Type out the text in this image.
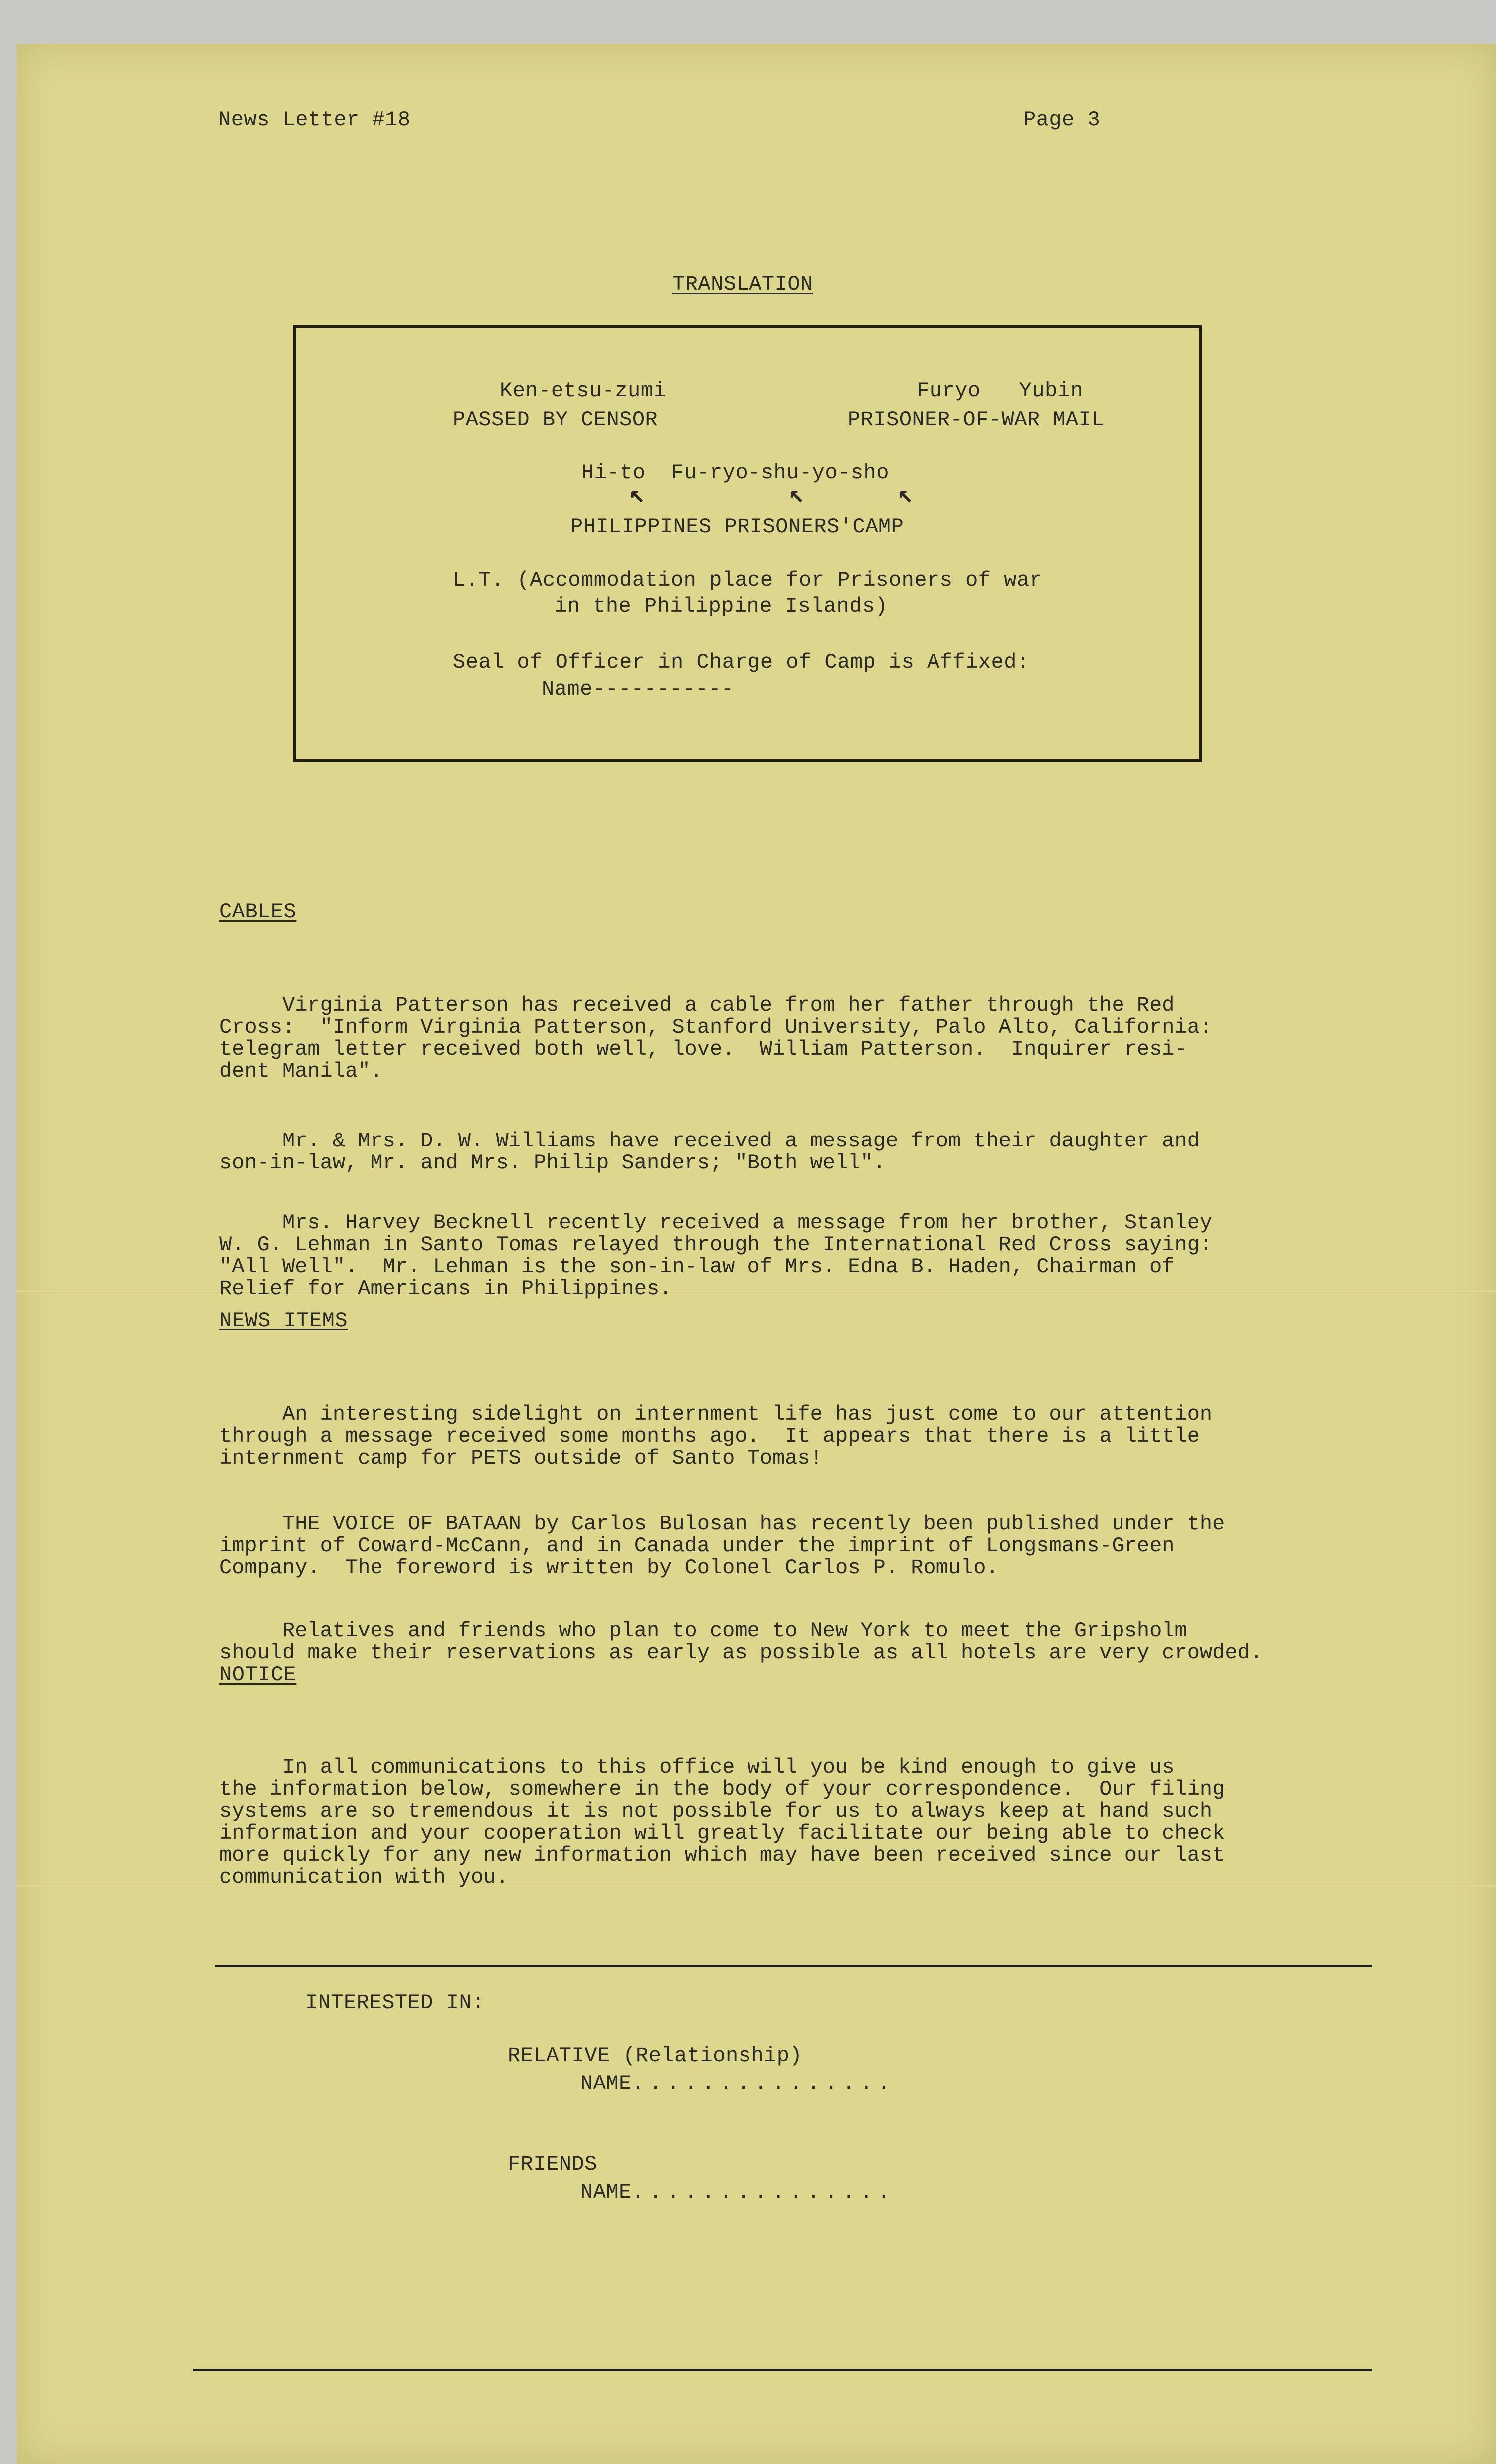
News Letter #18	Page 3
TRANSLATION
Ken-etsu-zumi
PASSED BY CENSOR
Furyo   Yubin
PRISONER-OF-WAR MAIL
Hi-to  Fu-ryo-shu-yo-sho
↖	↖	↖
PHILIPPINES PRISONERS'CAMP
L.T. (Accommodation place for Prisoners of war
in the Philippine Islands)
Seal of Officer in Charge of Camp is Affixed:
Name-----------
CABLES

Virginia Patterson has received a cable from her father through the Red
Cross:  "Inform Virginia Patterson, Stanford University, Palo Alto, California:
telegram letter received both well, love.  William Patterson.  Inquirer resi-
dent Manila".

Mr. & Mrs. D. W. Williams have received a message from their daughter and
son-in-law, Mr. and Mrs. Philip Sanders; "Both well".

Mrs. Harvey Becknell recently received a message from her brother, Stanley
W. G. Lehman in Santo Tomas relayed through the International Red Cross saying:
"All Well".  Mr. Lehman is the son-in-law of Mrs. Edna B. Haden, Chairman of
Relief for Americans in Philippines.

NEWS ITEMS

An interesting sidelight on internment life has just come to our attention
through a message received some months ago.  It appears that there is a little
internment camp for PETS outside of Santo Tomas!

THE VOICE OF BATAAN by Carlos Bulosan has recently been published under the
imprint of Coward-McCann, and in Canada under the imprint of Longsmans-Green
Company.  The foreword is written by Colonel Carlos P. Romulo.

Relatives and friends who plan to come to New York to meet the Gripsholm
should make their reservations as early as possible as all hotels are very crowded.

NOTICE

In all communications to this office will you be kind enough to give us
the information below, somewhere in the body of your correspondence.  Our filing
systems are so tremendous it is not possible for us to always keep at hand such
information and your cooperation will greatly facilitate our being able to check
more quickly for any new information which may have been received since our last
communication with you.

INTERESTED IN:
RELATIVE (Relationship)
NAME...............
FRIENDS
NAME...............
